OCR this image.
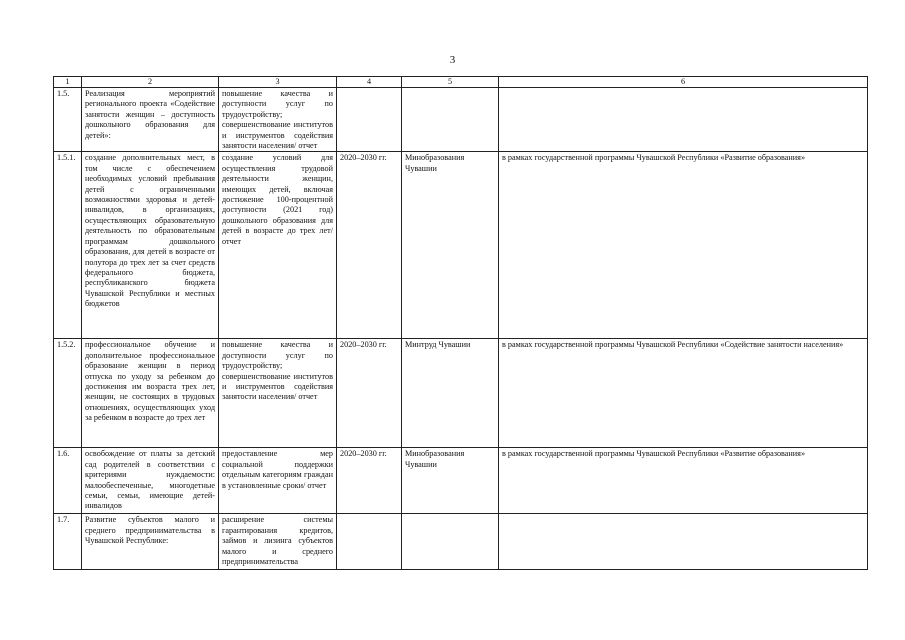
3
1	2	3	4	5	6
1.5.	Реализация мероприятий регионального проекта «Содействие занятости женщин – доступность дошкольного образования для детей»:	повышение качества и доступности услуг по трудоустройству; совершенствование институтов и инструментов содействия занятости населения/ отчет			
1.5.1.	создание дополнительных мест, в том числе с обеспечением необходимых условий пребывания детей с ограниченными возможностями здоровья и детей-инвалидов, в организациях, осуществляющих образовательную деятельность по образовательным программам дошкольного образования, для детей в возрасте от полутора до трех лет за счет средств федерального бюджета, республиканского бюджета Чувашской Республики и местных бюджетов	создание условий для осуществления трудовой деятельности женщин, имеющих детей, включая достижение 100-процентной доступности (2021 год) дошкольного образования для детей в возрасте до трех лет/ отчет	2020–2030 гг.	Минобразования Чувашии	в рамках государственной программы Чувашской Республики «Развитие образования»
1.5.2.	профессиональное обучение и дополнительное профессиональное образование женщин в период отпуска по уходу за ребенком до достижения им возраста трех лет, женщин, не состоящих в трудовых отношениях, осуществляющих уход за ребенком в возрасте до трех лет	повышение качества и доступности услуг по трудоустройству; совершенствование институтов и инструментов содействия занятости населения/ отчет	2020–2030 гг.	Минтруд Чувашии	в рамках государственной программы Чувашской Республики «Содействие занятости населения»
1.6.	освобождение от платы за детский сад родителей в соответствии с критериями нуждаемости: малообеспеченные, многодетные семьи, семьи, имеющие детей-инвалидов	предоставление мер социальной поддержки отдельным категориям граждан в установленные сроки/ отчет	2020–2030 гг.	Минобразования Чувашии	в рамках государственной программы Чувашской Республики «Развитие образования»
1.7.	Развитие субъектов малого и среднего предпринимательства в Чувашской Республике:	расширение системы гарантирования кредитов, займов и лизинга субъектов малого и среднего предпринимательства			
